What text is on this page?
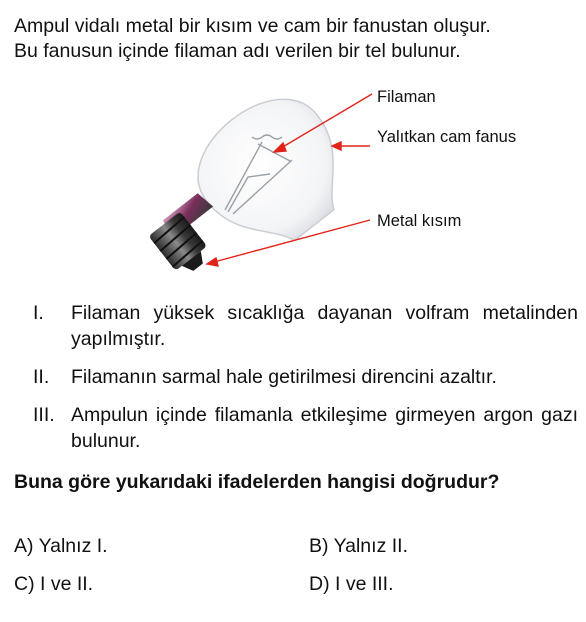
Ampul vidalı metal bir kısım ve cam bir fanustan oluşur.

Bu fanusun içinde filaman adı verilen bir tel bulunur.

Filaman
Yalıtkan cam fanus
Metal kısım
I.	Filaman yüksek sıcaklığa dayanan volfram metalinden yapılmıştır.
II.	Filamanın sarmal hale getirilmesi direncini azaltır.
III. Ampulun içinde filamanla etkileşime girmeyen argon gazı bulunur.
Buna göre yukarıdaki ifadelerden hangisi doğrudur?
A) Yalnız I.	B) Yalnız II.
C) I ve II.	D) I ve III.
